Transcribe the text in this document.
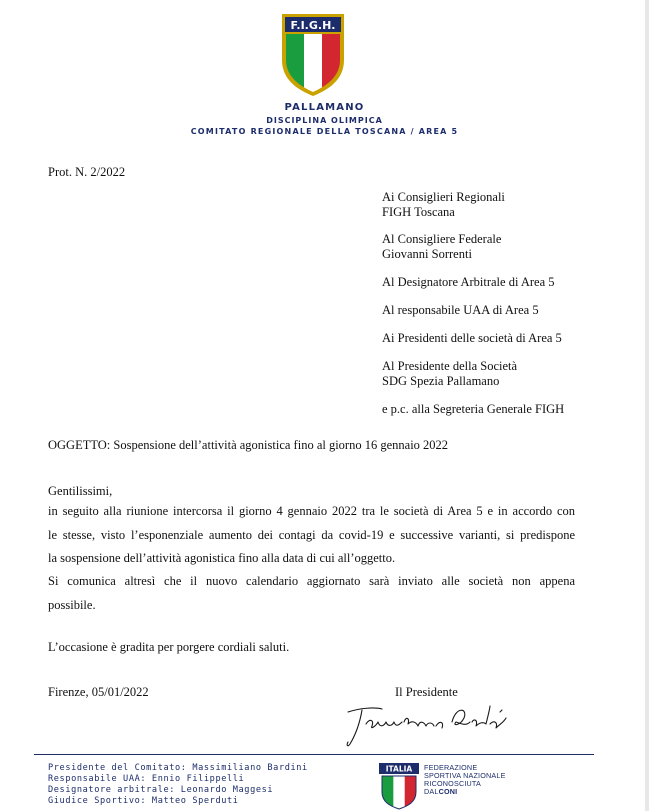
F.I.G.H.
PALLAMANO
DISCIPLINA OLIMPICA
COMITATO REGIONALE DELLA TOSCANA / AREA 5
Prot. N. 2/2022
Ai Consiglieri Regionali
FIGH Toscana
Al Consigliere Federale
Giovanni Sorrenti
Al Designatore Arbitrale di Area 5
Al responsabile UAA di Area 5
Ai Presidenti delle società di Area 5
Al Presidente della Società
SDG Spezia Pallamano
e p.c. alla Segreteria Generale FIGH
OGGETTO: Sospensione dell’attività agonistica fino al giorno 16 gennaio 2022
Gentilissimi,
in seguito alla riunione intercorsa il giorno 4 gennaio 2022 tra le società di Area 5 e in accordo con
le stesse, visto l’esponenziale aumento dei contagi da covid-19 e successive varianti, si predispone
la sospensione dell’attività agonistica fino alla data di cui all’oggetto.
Si comunica altresì che il nuovo calendario aggiornato sarà inviato alle società non appena
possibile.
L’occasione è gradita per porgere cordiali saluti.
Firenze, 05/01/2022	Il Presidente
Presidente del Comitato: Massimiliano Bardini
Responsabile UAA: Ennio Filippelli
Designatore arbitrale: Leonardo Maggesi
Giudice Sportivo: Matteo Sperduti
ITALIA FEDERAZIONE
SPORTIVA NAZIONALE
RICONOSCIUTA
DALCONI
